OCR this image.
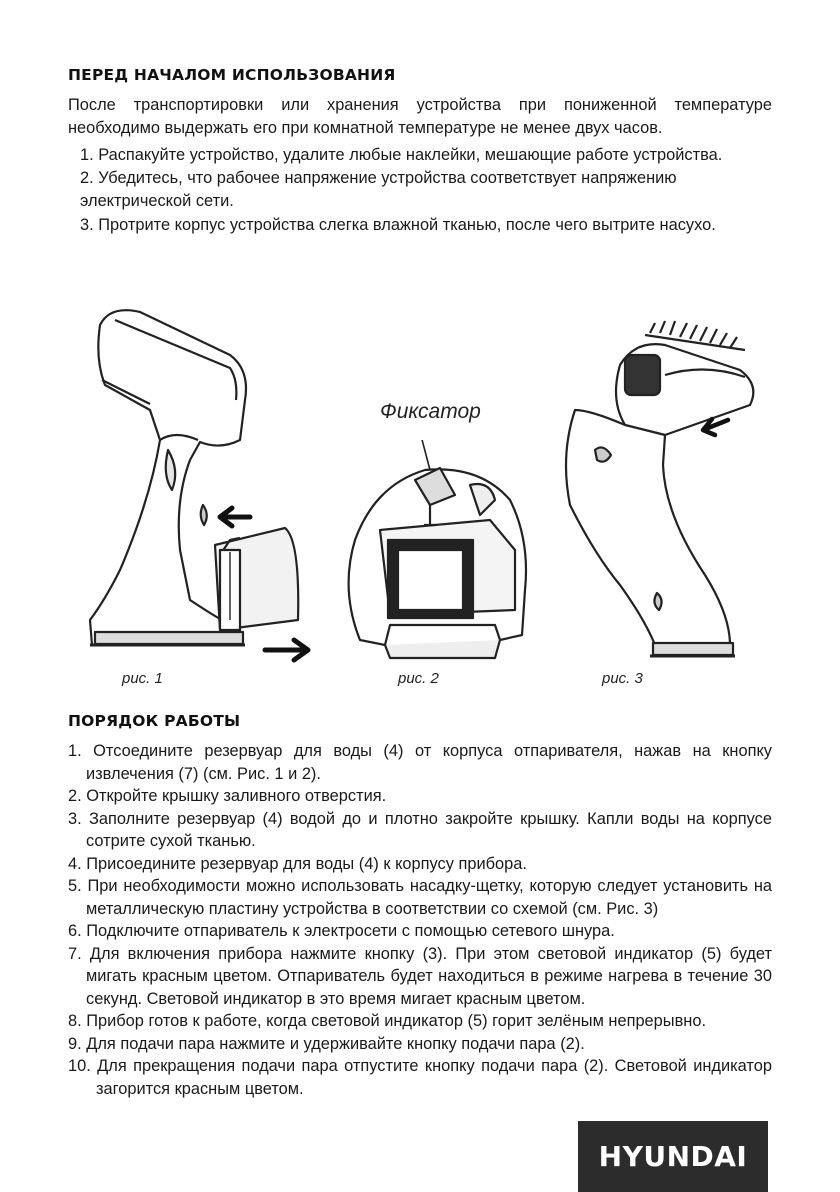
ПЕРЕД НАЧАЛОМ ИСПОЛЬЗОВАНИЯ

После транспортировки или хранения устройства при пониженной температуре необходимо выдержать его при комнатной температуре не менее двух часов.

1. Распакуйте устройство, удалите любые наклейки, мешающие работе устройства.
2. Убедитесь, что рабочее напряжение устройства соответствует напряжению электрической сети.
3. Протрите корпус устройства слегка влажной тканью, после чего вытрите насухо.
Фиксатор
рис. 1	рис. 2	рис. 3
ПОРЯДОК РАБОТЫ
1. Отсоедините резервуар для воды (4) от корпуса отпаривателя, нажав на кнопку извлечения (7) (см. Рис. 1 и 2).
2. Откройте крышку заливного отверстия.
3. Заполните резервуар (4) водой до и плотно закройте крышку. Капли воды на корпусе сотрите сухой тканью.
4. Присоедините резервуар для воды (4) к корпусу прибора.
5. При необходимости можно использовать насадку-щетку, которую следует установить на металлическую пластину устройства в соответствии со схемой (см. Рис. 3)
6. Подключите отпариватель к электросети с помощью сетевого шнура.
7. Для включения прибора нажмите кнопку (3). При этом световой индикатор (5) будет мигать красным цветом. Отпариватель будет находиться в режиме нагрева в течение 30 секунд. Световой индикатор в это время мигает красным цветом.
8. Прибор готов к работе, когда световой индикатор (5) горит зелёным непрерывно.
9. Для подачи пара нажмите и удерживайте кнопку подачи пара (2).
10. Для прекращения подачи пара отпустите кнопку подачи пара (2). Световой индикатор загорится красным цветом.
HYUNDAI
